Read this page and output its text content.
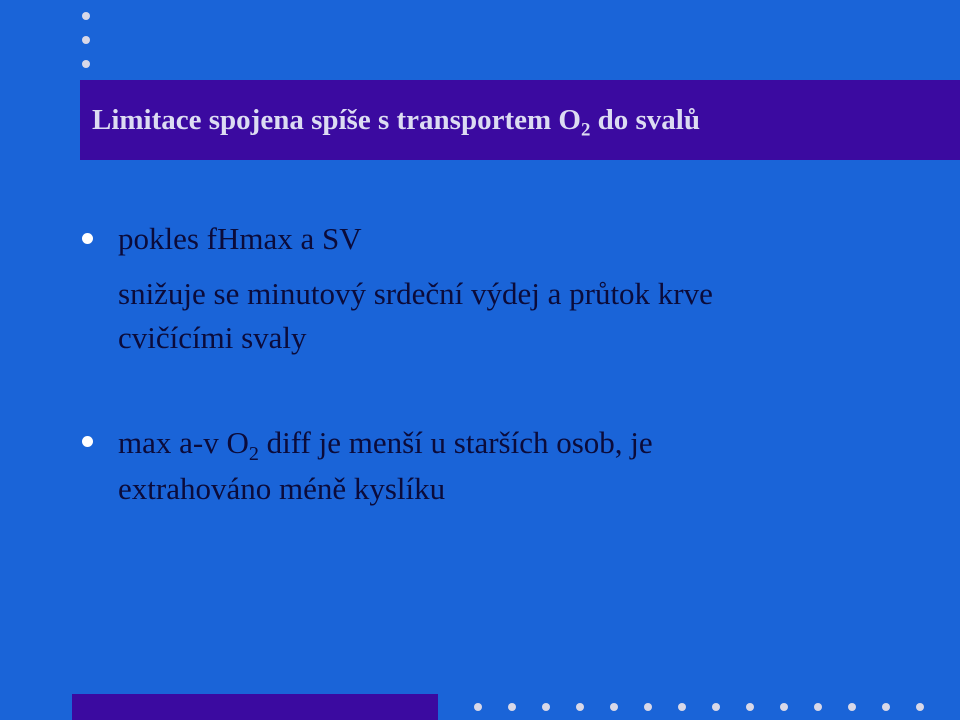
Limitace spojena spíše s transportem $O_2$ do svalů
pokles fHmax a SV
snižuje se minutový srdeční výdej a průtok krve
cvičícími svaly
max a-v $O_2$ diff je menší u starších osob, je
extrahováno méně kyslíku
